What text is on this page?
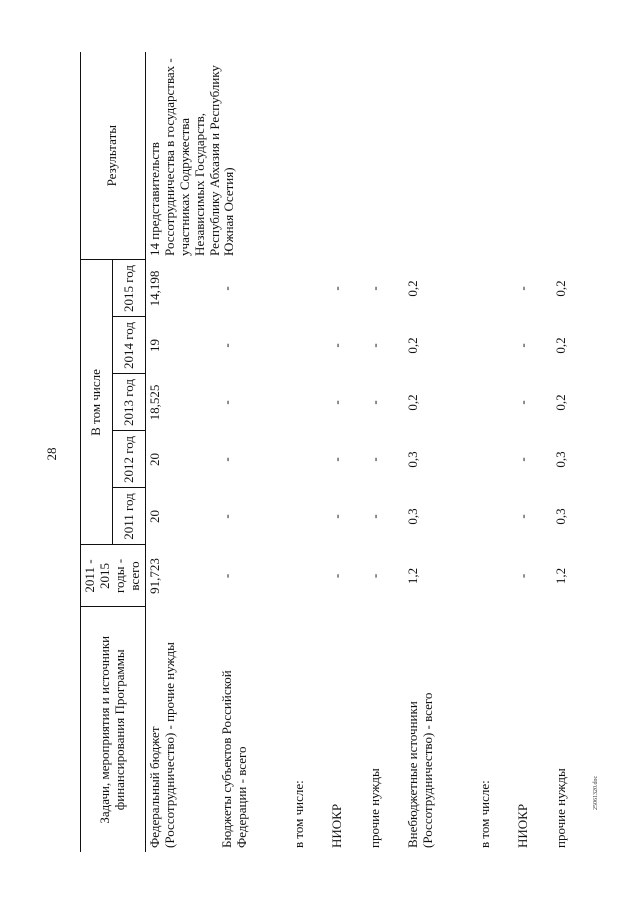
28
Задачи, мероприятия и источники финансирования Программы	2011 - 2015 годы - всего	В том числе					Результаты
		2011 год	2012 год	2013 год	2014 год	2015 год	
Федеральный бюджет (Россотрудничество) - прочие нужды	91,723	20	20	18,525	19	14,198	14 представительств Россотрудничества в государствах - участниках Содружества Независимых Государств, Республику Абхазия и Республику Южная Осетия)
Бюджеты субъектов Российской Федерации - всего	-	-	-	-	-	-	
в том числе:							
НИОКР	-	-	-	-	-	-	
прочие нужды	-	-	-	-	-	-	
Внебюджетные источники (Россотрудничество) - всего	1,2	0,3	0,3	0,2	0,2	0,2	
в том числе:							
НИОКР	-	-	-	-	-	-	
прочие нужды	1,2	0,3	0,3	0,2	0,2	0,2	
25061320.doc
